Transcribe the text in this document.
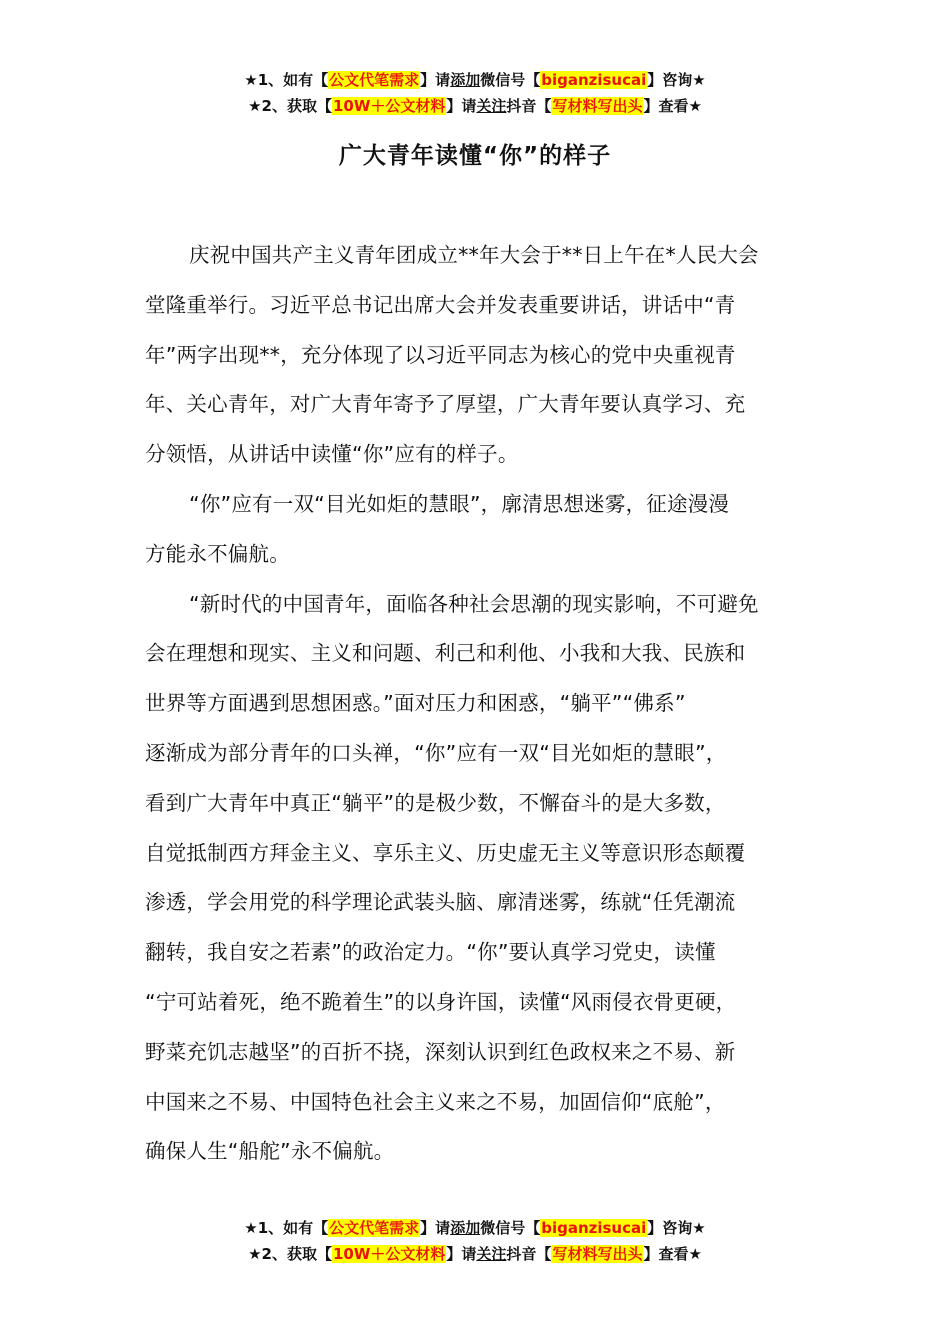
★1、如有【公文代笔需求】请添加微信号【biganzisucai】咨询★
★2、获取【10W＋公文材料】请关注抖音【写材料写出头】查看★
广大青年读懂“你”的样子
庆祝中国共产主义青年团成立**年大会于**日上午在*人民大会
堂隆重举行。习近平总书记出席大会并发表重要讲话，讲话中“青
年”两字出现**，充分体现了以习近平同志为核心的党中央重视青
年、关心青年，对广大青年寄予了厚望，广大青年要认真学习、充
分领悟，从讲话中读懂“你”应有的样子。
“你”应有一双“目光如炬的慧眼”，廓清思想迷雾，征途漫漫
方能永不偏航。
“新时代的中国青年，面临各种社会思潮的现实影响，不可避免
会在理想和现实、主义和问题、利己和利他、小我和大我、民族和
世界等方面遇到思想困惑。”面对压力和困惑，“躺平”“佛系”
逐渐成为部分青年的口头禅，“你”应有一双“目光如炬的慧眼”，
看到广大青年中真正“躺平”的是极少数，不懈奋斗的是大多数，
自觉抵制西方拜金主义、享乐主义、历史虚无主义等意识形态颠覆
渗透，学会用党的科学理论武装头脑、廓清迷雾，练就“任凭潮流
翻转，我自安之若素”的政治定力。“你”要认真学习党史，读懂
“宁可站着死，绝不跪着生”的以身许国，读懂“风雨侵衣骨更硬，
野菜充饥志越坚”的百折不挠，深刻认识到红色政权来之不易、新
中国来之不易、中国特色社会主义来之不易，加固信仰“底舱”，
确保人生“船舵”永不偏航。
★1、如有【公文代笔需求】请添加微信号【biganzisucai】咨询★
★2、获取【10W＋公文材料】请关注抖音【写材料写出头】查看★
